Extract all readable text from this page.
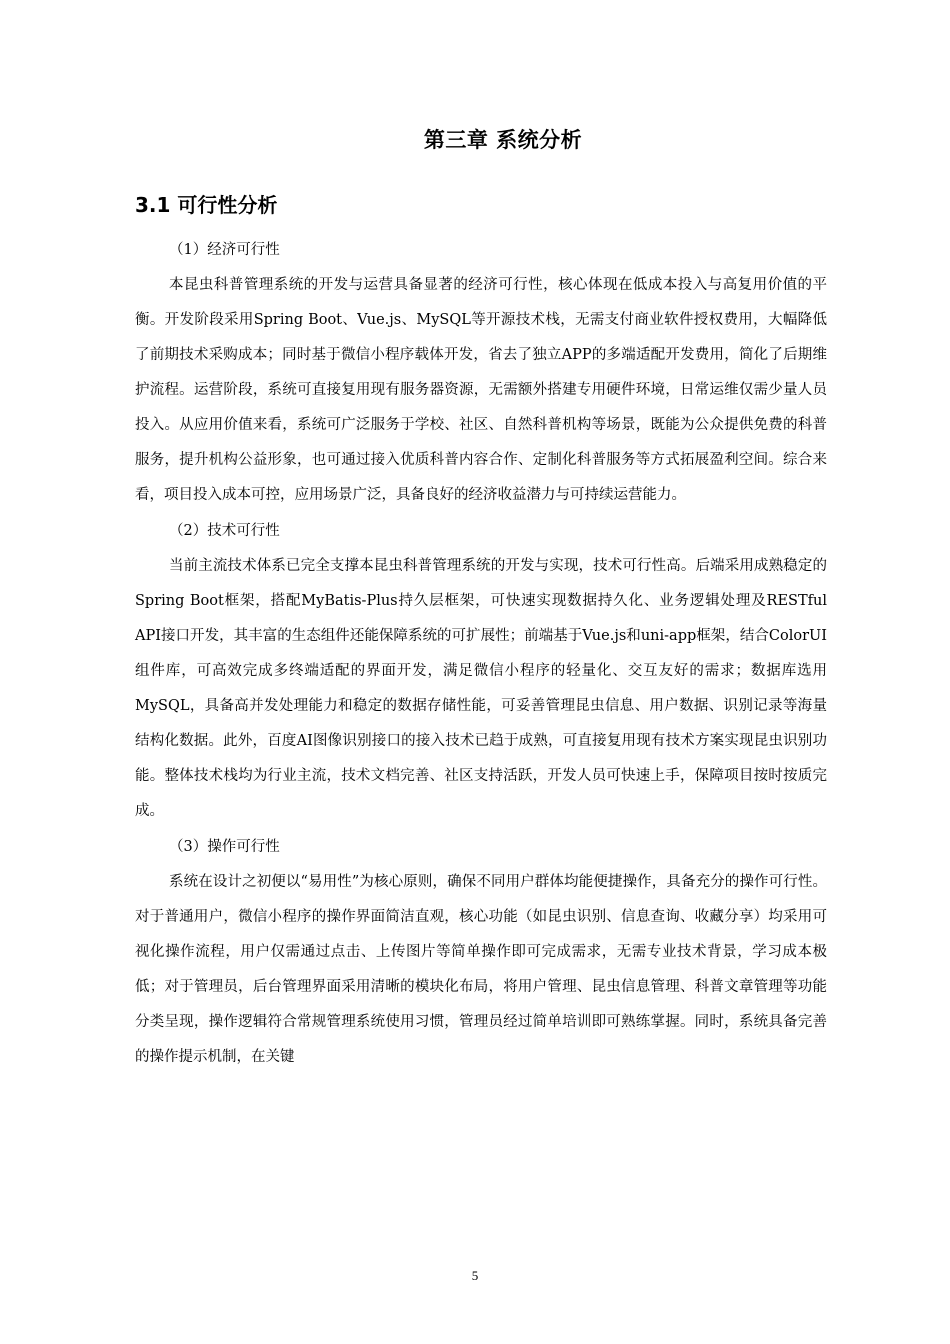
第三章 系统分析
3.1 可行性分析

（1）经济可行性

本昆虫科普管理系统的开发与运营具备显著的经济可行性，核心体现在低成本投入与高复用价值的平衡。开发阶段采用Spring Boot、Vue.js、MySQL等开源技术栈，无需支付商业软件授权费用，大幅降低了前期技术采购成本；同时基于微信小程序载体开发，省去了独立APP的多端适配开发费用，简化了后期维护流程。运营阶段，系统可直接复用现有服务器资源，无需额外搭建专用硬件环境，日常运维仅需少量人员投入。从应用价值来看，系统可广泛服务于学校、社区、自然科普机构等场景，既能为公众提供免费的科普服务，提升机构公益形象，也可通过接入优质科普内容合作、定制化科普服务等方式拓展盈利空间。综合来看，项目投入成本可控，应用场景广泛，具备良好的经济收益潜力与可持续运营能力。

（2）技术可行性

当前主流技术体系已完全支撑本昆虫科普管理系统的开发与实现，技术可行性高。后端采用成熟稳定的Spring Boot框架，搭配MyBatis-Plus持久层框架，可快速实现数据持久化、业务逻辑处理及RESTful API接口开发，其丰富的生态组件还能保障系统的可扩展性；前端基于Vue.js和uni-app框架，结合ColorUI组件库，可高效完成多终端适配的界面开发，满足微信小程序的轻量化、交互友好的需求；数据库选用MySQL，具备高并发处理能力和稳定的数据存储性能，可妥善管理昆虫信息、用户数据、识别记录等海量结构化数据。此外，百度AI图像识别接口的接入技术已趋于成熟，可直接复用现有技术方案实现昆虫识别功能。整体技术栈均为行业主流，技术文档完善、社区支持活跃，开发人员可快速上手，保障项目按时按质完成。

（3）操作可行性

系统在设计之初便以“易用性”为核心原则，确保不同用户群体均能便捷操作，具备充分的操作可行性。对于普通用户，微信小程序的操作界面简洁直观，核心功能（如昆虫识别、信息查询、收藏分享）均采用可视化操作流程，用户仅需通过点击、上传图片等简单操作即可完成需求，无需专业技术背景，学习成本极低；对于管理员，后台管理界面采用清晰的模块化布局，将用户管理、昆虫信息管理、科普文章管理等功能分类呈现，操作逻辑符合常规管理系统使用习惯，管理员经过简单培训即可熟练掌握。同时，系统具备完善的操作提示机制，在关键

5
